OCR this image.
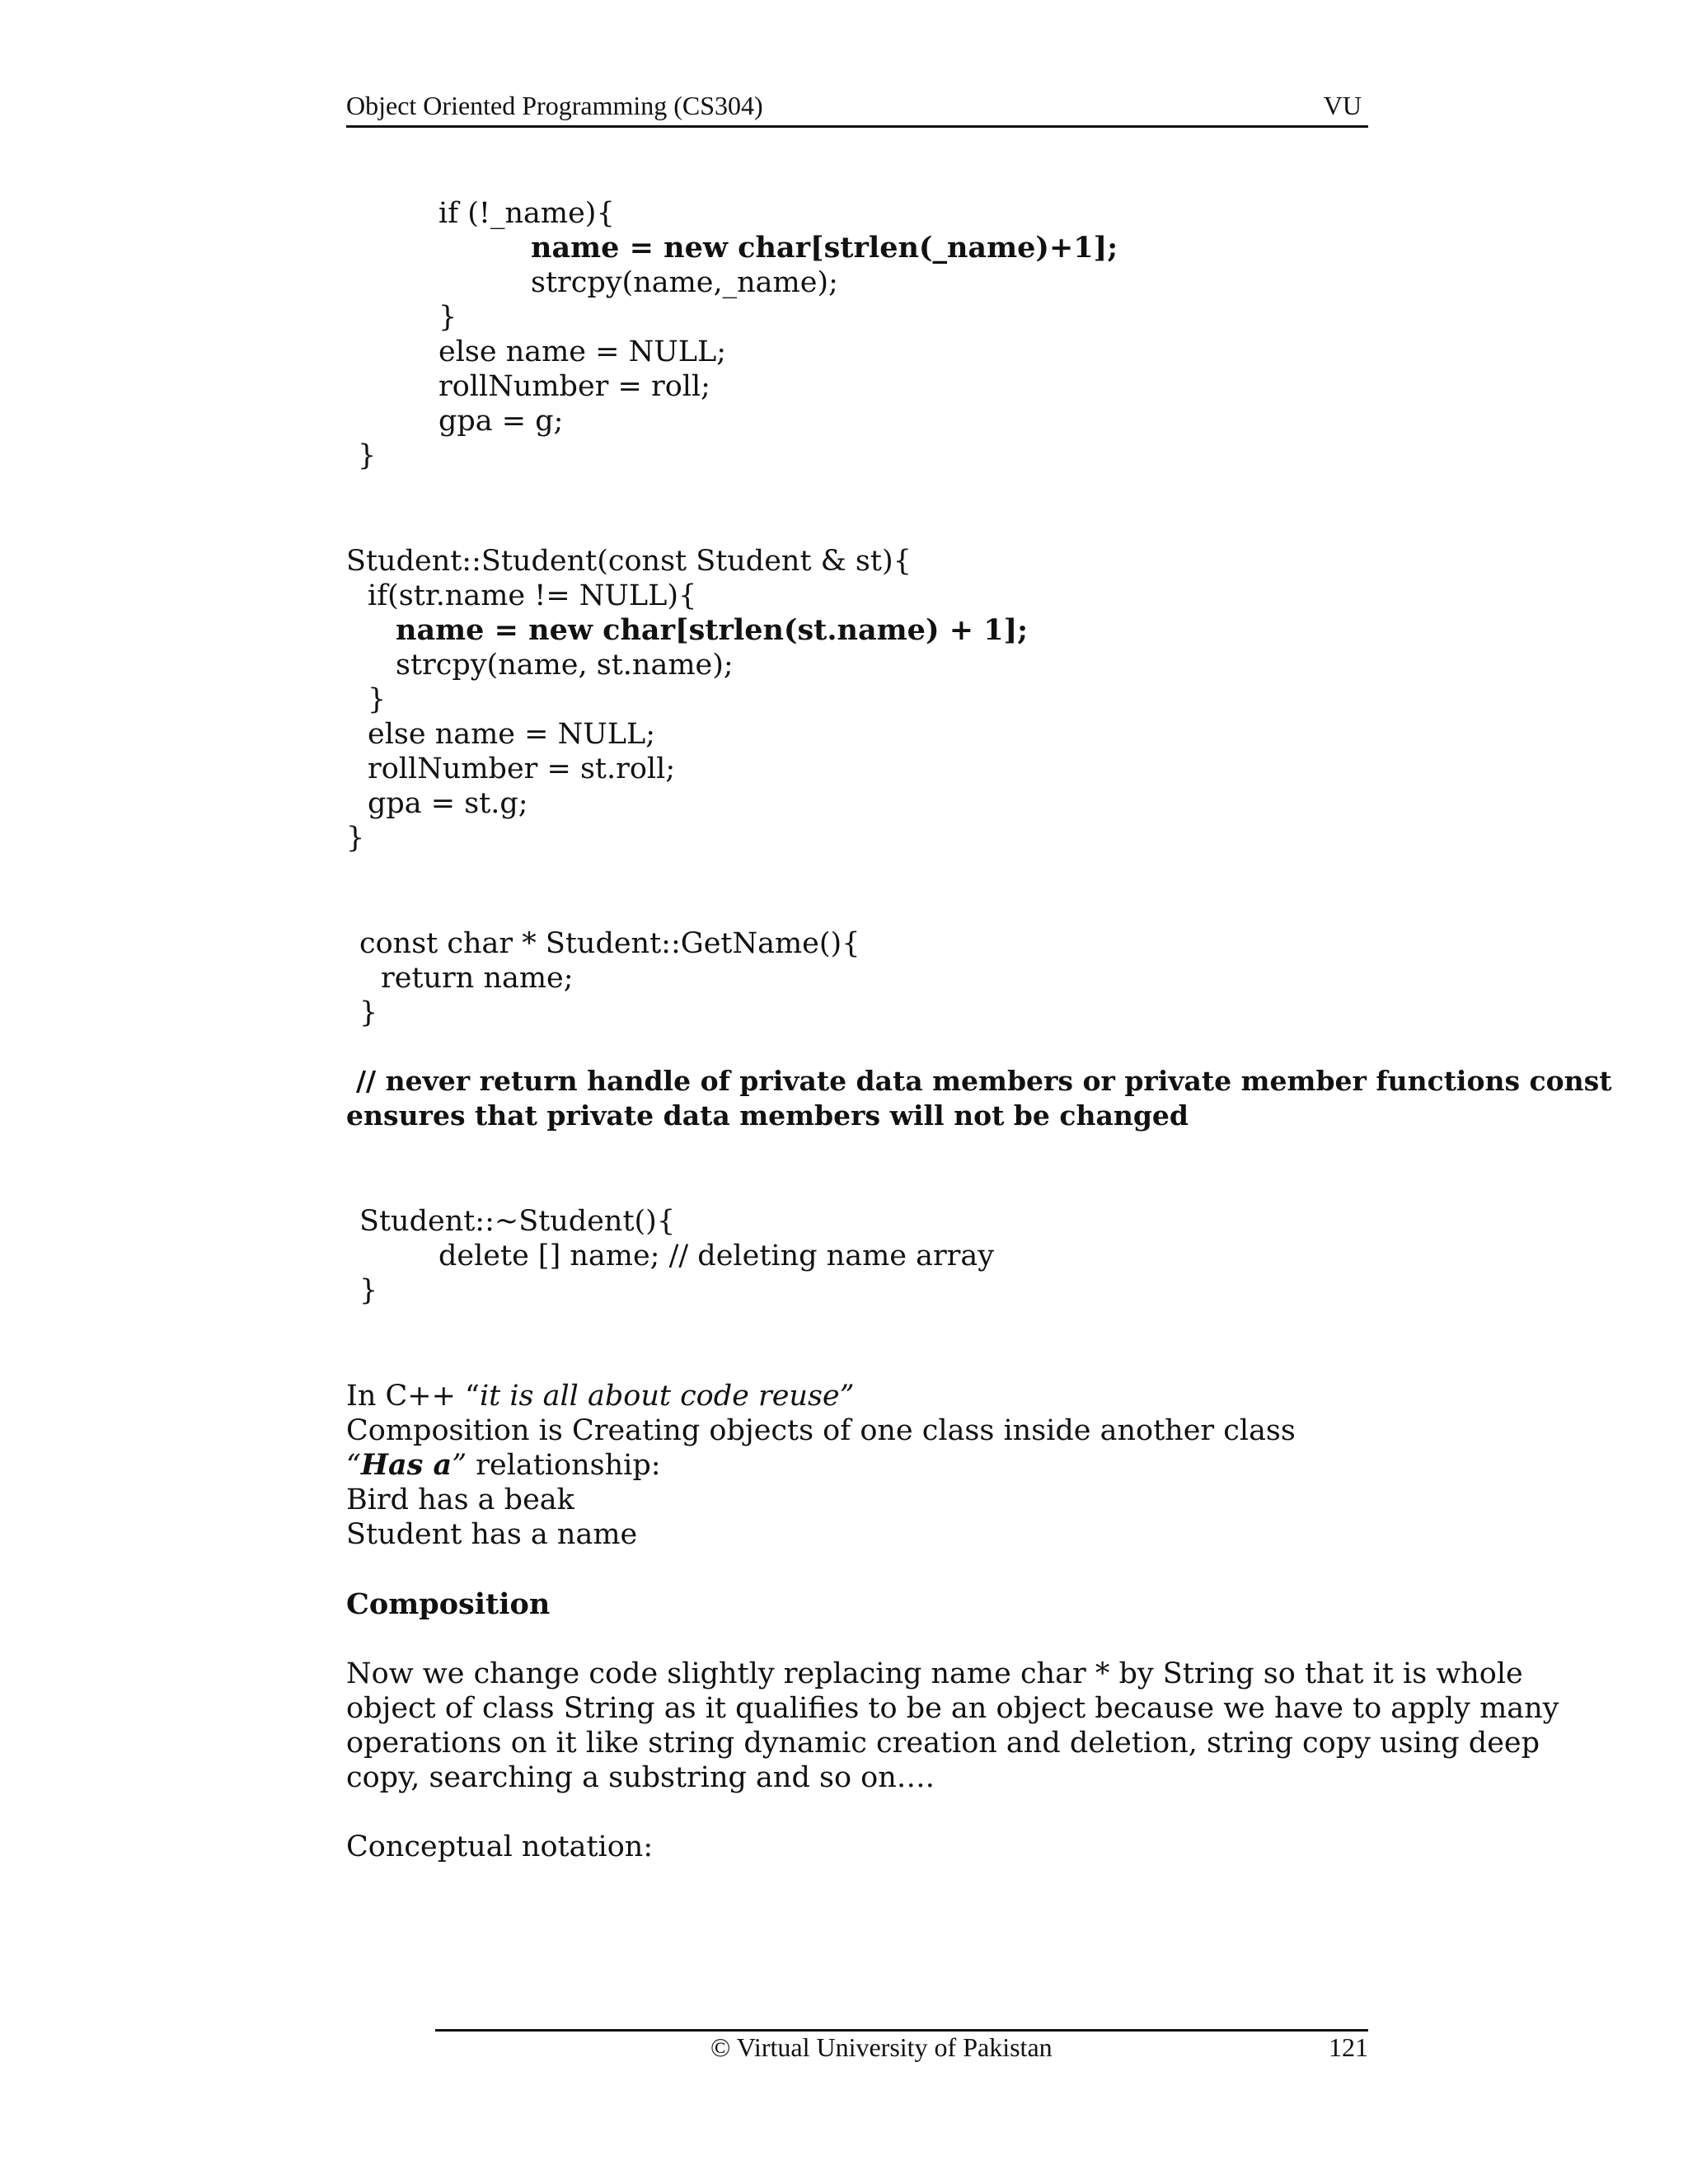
Object Oriented Programming (CS304)	VU
if (!_name){
name = new char[strlen(_name)+1];
strcpy(name,_name);
}
else name = NULL;
rollNumber = roll;
gpa = g;
}
Student::Student(const Student & st){
if(str.name != NULL){
name = new char[strlen(st.name) + 1];
strcpy(name, st.name);
}
else name = NULL;
rollNumber = st.roll;
gpa = st.g;
}
const char * Student::GetName(){
return name;
}
// never return handle of private data members or private member functions const
ensures that private data members will not be changed
Student::~Student(){
delete [] name; // deleting name array
}
In C++ “it is all about code reuse”
Composition is Creating objects of one class inside another class
“Has a” relationship:
Bird has a beak
Student has a name
Composition
Now we change code slightly replacing name char * by String so that it is whole
object of class String as it qualifies to be an object because we have to apply many
operations on it like string dynamic creation and deletion, string copy using deep
copy, searching a substring and so on….
Conceptual notation:
© Virtual University of Pakistan	121
